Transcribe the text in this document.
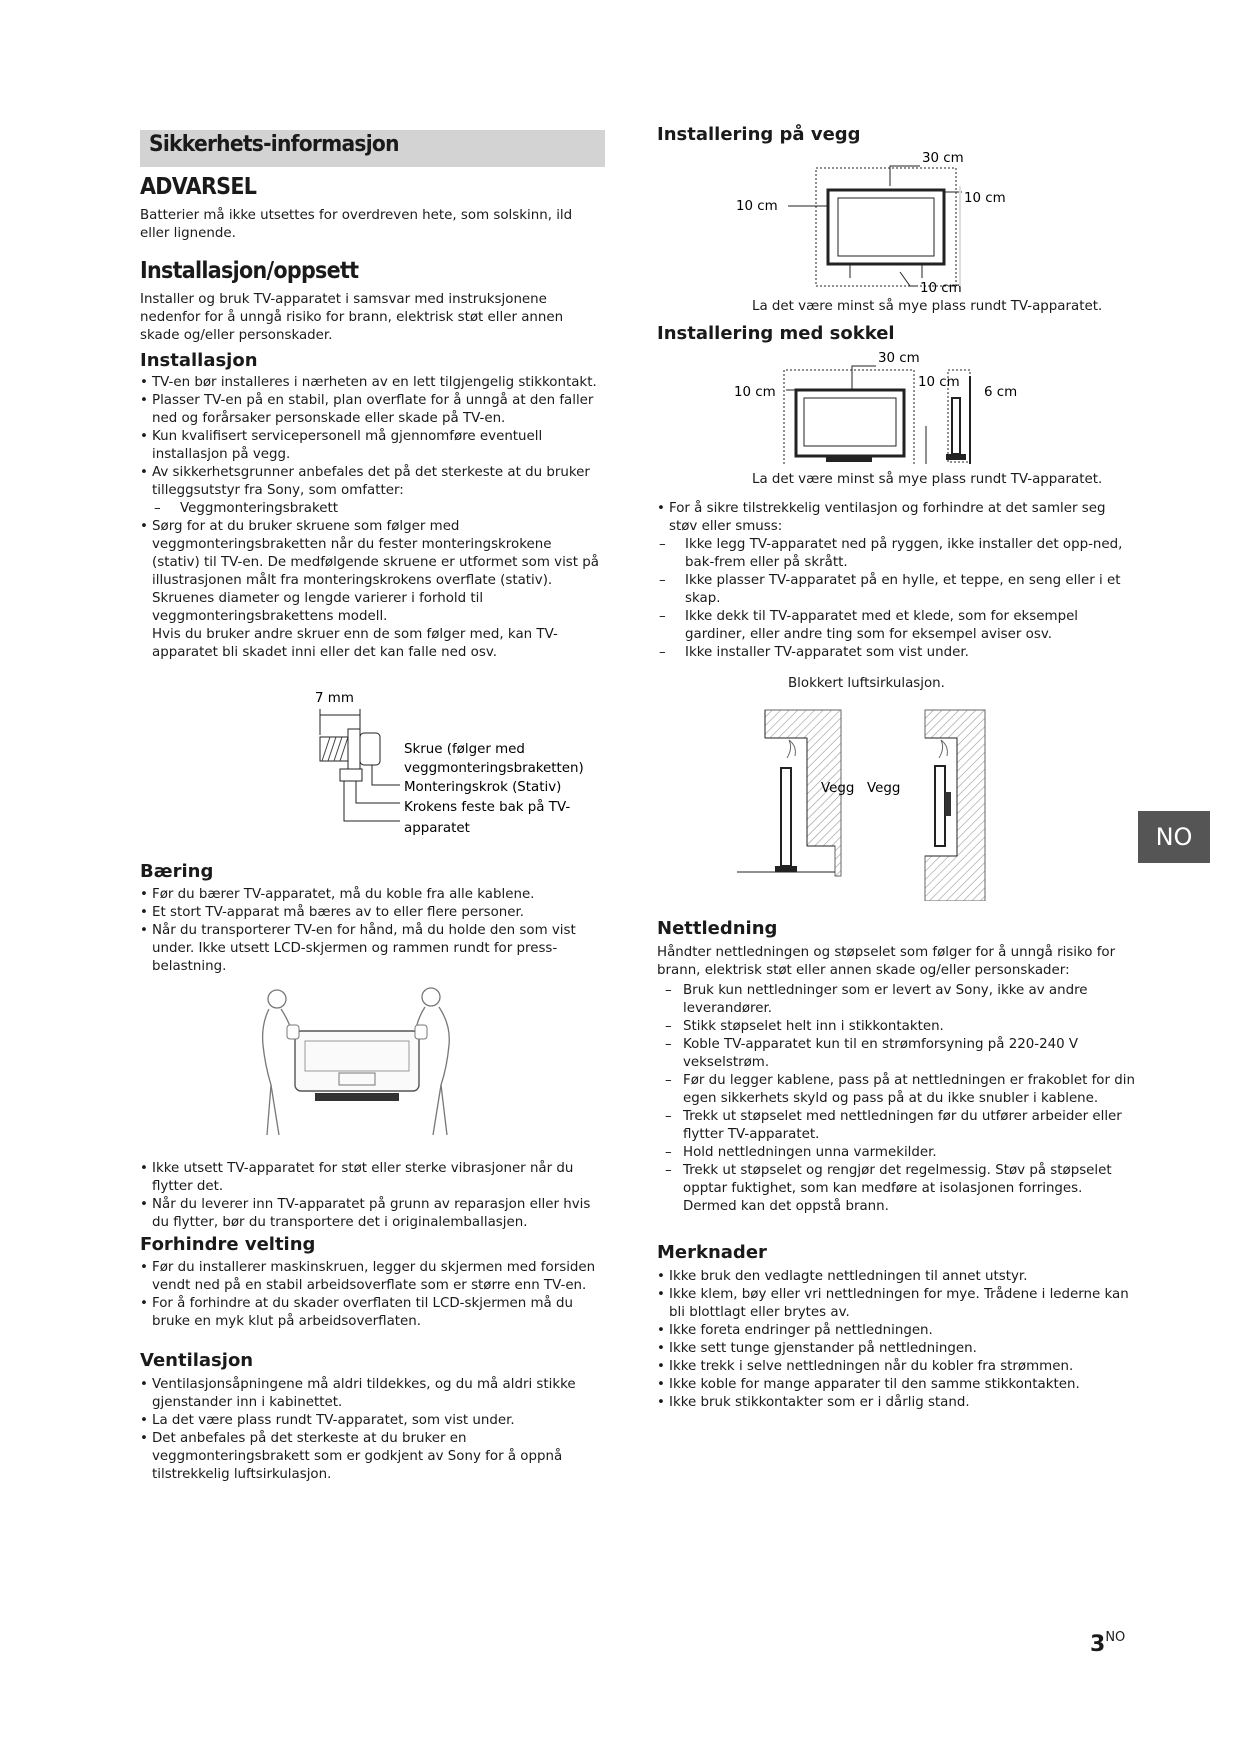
Sikkerhets-informasjon
ADVARSEL

Batterier må ikke utsettes for overdreven hete, som solskinn, ild eller lignende.

Installasjon/oppsett

Installer og bruk TV-apparatet i samsvar med instruksjonene nedenfor for å unngå risiko for brann, elektrisk støt eller annen skade og/eller personskader.

Installasjon
• TV-en bør installeres i nærheten av en lett tilgjengelig stikkontakt.
• Plasser TV-en på en stabil, plan overflate for å unngå at den faller ned og forårsaker personskade eller skade på TV-en.
• Kun kvalifisert servicepersonell må gjennomføre eventuell installasjon på vegg.
• Av sikkerhetsgrunner anbefales det på det sterkeste at du bruker tilleggsutstyr fra Sony, som omfatter:
– Veggmonteringsbrakett
• Sørg for at du bruker skruene som følger med veggmonteringsbraketten når du fester monteringskrokene (stativ) til TV-en. De medfølgende skruene er utformet som vist på illustrasjonen målt fra monteringskrokens overflate (stativ). Skruenes diameter og lengde varierer i forhold til veggmonteringsbrakettens modell.
Hvis du bruker andre skruer enn de som følger med, kan TV-apparatet bli skadet inni eller det kan falle ned osv.
7 mm
Skrue (følger med
veggmonteringsbraketten)
Monteringskrok (Stativ)
Krokens feste bak på TV-
apparatet
Bæring
• Før du bærer TV-apparatet, må du koble fra alle kablene.
• Et stort TV-apparat må bæres av to eller flere personer.
• Når du transporterer TV-en for hånd, må du holde den som vist under. Ikke utsett LCD-skjermen og rammen rundt for press-belastning.
• Ikke utsett TV-apparatet for støt eller sterke vibrasjoner når du flytter det.
• Når du leverer inn TV-apparatet på grunn av reparasjon eller hvis du flytter, bør du transportere det i originalemballasjen.
Forhindre velting
• Før du installerer maskinskruen, legger du skjermen med forsiden vendt ned på en stabil arbeidsoverflate som er større enn TV-en.
• For å forhindre at du skader overflaten til LCD-skjermen må du bruke en myk klut på arbeidsoverflaten.
Ventilasjon
• Ventilasjonsåpningene må aldri tildekkes, og du må aldri stikke gjenstander inn i kabinettet.
• La det være plass rundt TV-apparatet, som vist under.
• Det anbefales på det sterkeste at du bruker en veggmonteringsbrakett som er godkjent av Sony for å oppnå tilstrekkelig luftsirkulasjon.
Installering på vegg
30 cm
10 cm
10 cm
10 cm

La det være minst så mye plass rundt TV-apparatet.

Installering med sokkel
30 cm
10 cm
10 cm
6 cm

La det være minst så mye plass rundt TV-apparatet.

• For å sikre tilstrekkelig ventilasjon og forhindre at det samler seg støv eller smuss:
– Ikke legg TV-apparatet ned på ryggen, ikke installer det opp-ned, bak-frem eller på skrått.
– Ikke plasser TV-apparatet på en hylle, et teppe, en seng eller i et skap.
– Ikke dekk til TV-apparatet med et klede, som for eksempel gardiner, eller andre ting som for eksempel aviser osv.
– Ikke installer TV-apparatet som vist under.

Blokkert luftsirkulasjon.

Vegg Vegg
Nettledning

Håndter nettledningen og støpselet som følger for å unngå risiko for brann, elektrisk støt eller annen skade og/eller personskader:

– Bruk kun nettledninger som er levert av Sony, ikke av andre leverandører.
– Stikk støpselet helt inn i stikkontakten.
– Koble TV-apparatet kun til en strømforsyning på 220-240 V vekselstrøm.
– Før du legger kablene, pass på at nettledningen er frakoblet for din egen sikkerhets skyld og pass på at du ikke snubler i kablene.
– Trekk ut støpselet med nettledningen før du utfører arbeider eller flytter TV-apparatet.
– Hold nettledningen unna varmekilder.
– Trekk ut støpselet og rengjør det regelmessig. Støv på støpselet opptar fuktighet, som kan medføre at isolasjonen forringes. Dermed kan det oppstå brann.
Merknader
• Ikke bruk den vedlagte nettledningen til annet utstyr.
• Ikke klem, bøy eller vri nettledningen for mye. Trådene i lederne kan bli blottlagt eller brytes av.
• Ikke foreta endringer på nettledningen.
• Ikke sett tunge gjenstander på nettledningen.
• Ikke trekk i selve nettledningen når du kobler fra strømmen.
• Ikke koble for mange apparater til den samme stikkontakten.
• Ikke bruk stikkontakter som er i dårlig stand.
NO
$3^{NO}$
